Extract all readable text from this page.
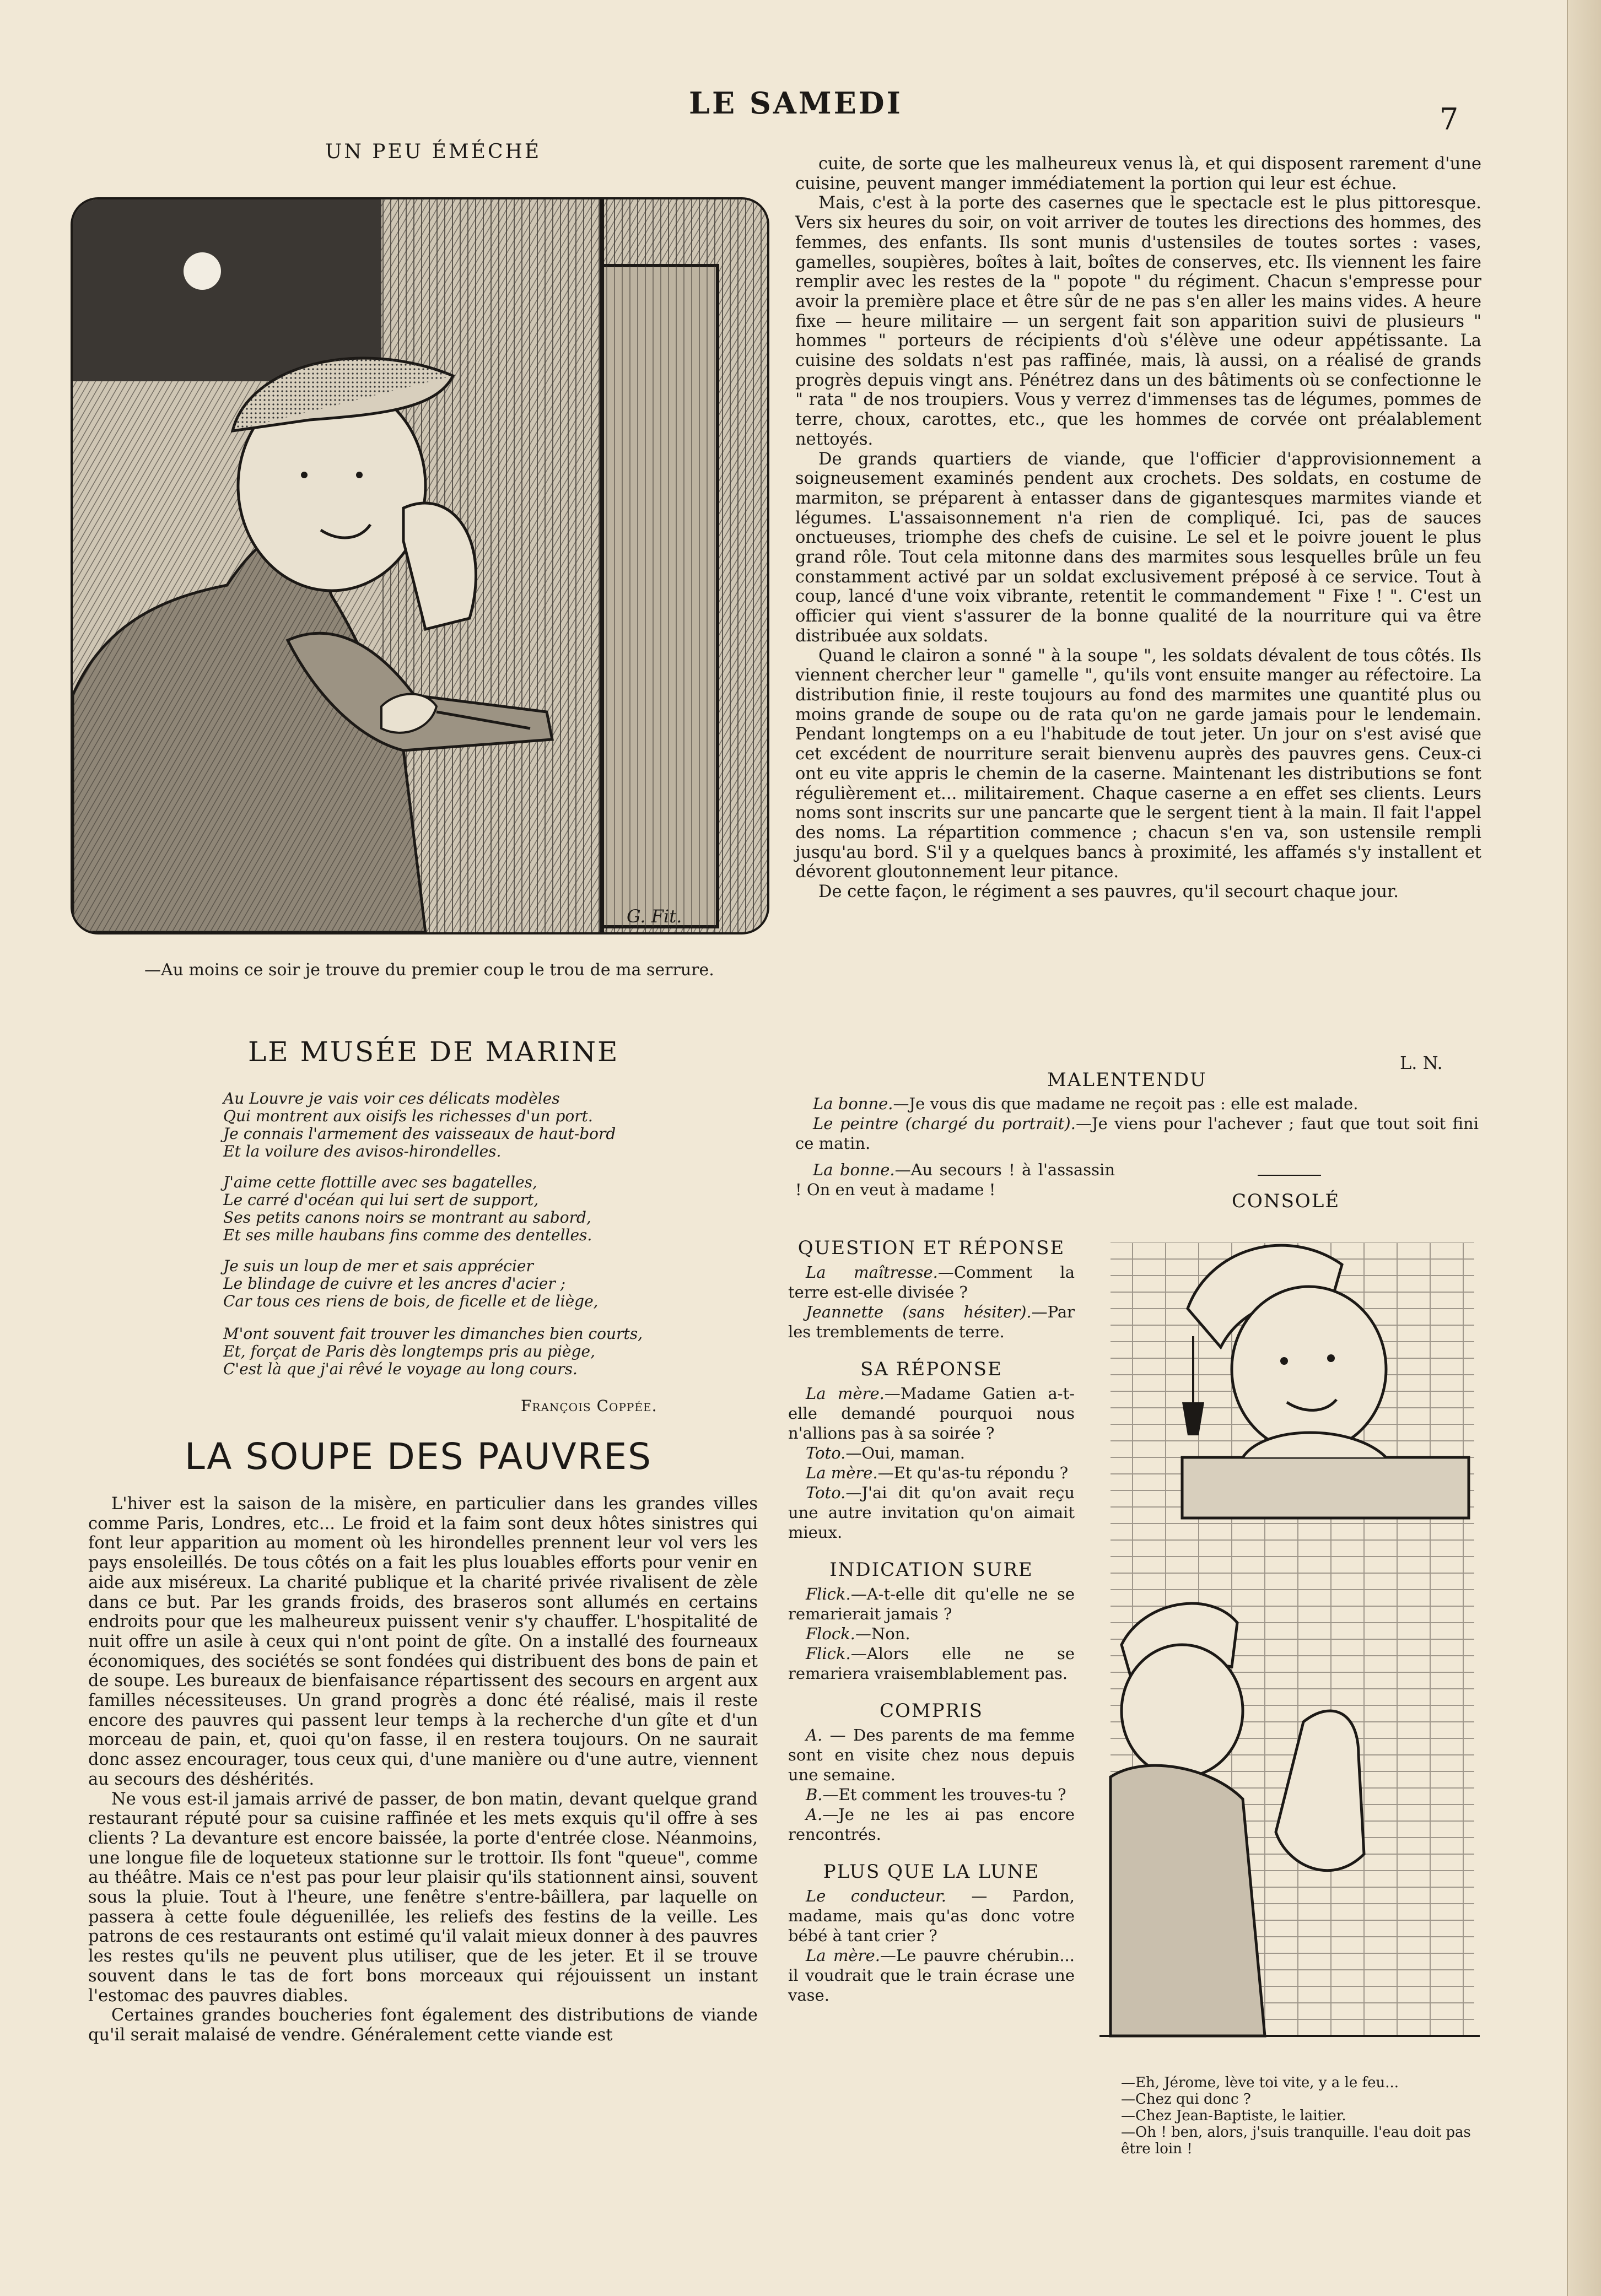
LE SAMEDI	7
UN PEU ÉMÉCHÉ
G. Fit.
—Au moins ce soir je trouve du premier coup le trou de ma serrure.
LE MUSÉE DE MARINE
Au Louvre je vais voir ces délicats modèles
Qui montrent aux oisifs les richesses d'un port.
Je connais l'armement des vaisseaux de haut-bord
Et la voilure des avisos-hirondelles.
J'aime cette flottille avec ses bagatelles,
Le carré d'océan qui lui sert de support,
Ses petits canons noirs se montrant au sabord,
Et ses mille haubans fins comme des dentelles.
Je suis un loup de mer et sais apprécier
Le blindage de cuivre et les ancres d'acier ;
Car tous ces riens de bois, de ficelle et de liège,
M'ont souvent fait trouver les dimanches bien courts,
Et, forçat de Paris dès longtemps pris au piège,
C'est là que j'ai rêvé le voyage au long cours.
François Coppée.
LA SOUPE DES PAUVRES

L'hiver est la saison de la misère, en particulier dans les grandes villes comme Paris, Londres, etc... Le froid et la faim sont deux hôtes sinistres qui font leur apparition au moment où les hirondelles prennent leur vol vers les pays ensoleillés. De tous côtés on a fait les plus louables efforts pour venir en aide aux miséreux. La charité publique et la charité privée rivalisent de zèle dans ce but. Par les grands froids, des braseros sont allumés en certains endroits pour que les malheureux puissent venir s'y chauffer. L'hospitalité de nuit offre un asile à ceux qui n'ont point de gîte. On a installé des fourneaux économiques, des sociétés se sont fondées qui distribuent des bons de pain et de soupe. Les bureaux de bienfaisance répartissent des secours en argent aux familles nécessiteuses. Un grand progrès a donc été réalisé, mais il reste encore des pauvres qui passent leur temps à la recherche d'un gîte et d'un morceau de pain, et, quoi qu'on fasse, il en restera toujours. On ne saurait donc assez encourager, tous ceux qui, d'une manière ou d'une autre, viennent au secours des déshérités.

Ne vous est-il jamais arrivé de passer, de bon matin, devant quelque grand restaurant réputé pour sa cuisine raffinée et les mets exquis qu'il offre à ses clients ? La devanture est encore baissée, la porte d'entrée close. Néanmoins, une longue file de loqueteux stationne sur le trottoir. Ils font "queue", comme au théâtre. Mais ce n'est pas pour leur plaisir qu'ils stationnent ainsi, souvent sous la pluie. Tout à l'heure, une fenêtre s'entre-bâillera, par laquelle on passera à cette foule déguenillée, les reliefs des festins de la veille. Les patrons de ces restaurants ont estimé qu'il valait mieux donner à des pauvres les restes qu'ils ne peuvent plus utiliser, que de les jeter. Et il se trouve souvent dans le tas de fort bons morceaux qui réjouissent un instant l'estomac des pauvres diables.

Certaines grandes boucheries font également des distributions de viande qu'il serait malaisé de vendre. Généralement cette viande est

cuite, de sorte que les malheureux venus là, et qui disposent rarement d'une cuisine, peuvent manger immédiatement la portion qui leur est échue.

Mais, c'est à la porte des casernes que le spectacle est le plus pittoresque. Vers six heures du soir, on voit arriver de toutes les directions des hommes, des femmes, des enfants. Ils sont munis d'ustensiles de toutes sortes : vases, gamelles, soupières, boîtes à lait, boîtes de conserves, etc. Ils viennent les faire remplir avec les restes de la " popote " du régiment. Chacun s'empresse pour avoir la première place et être sûr de ne pas s'en aller les mains vides. A heure fixe — heure militaire — un sergent fait son apparition suivi de plusieurs " hommes " porteurs de récipients d'où s'élève une odeur appétissante. La cuisine des soldats n'est pas raffinée, mais, là aussi, on a réalisé de grands progrès depuis vingt ans. Pénétrez dans un des bâtiments où se confectionne le " rata " de nos troupiers. Vous y verrez d'immenses tas de légumes, pommes de terre, choux, carottes, etc., que les hommes de corvée ont préalablement nettoyés.

De grands quartiers de viande, que l'officier d'approvisionnement a soigneusement examinés pendent aux crochets. Des soldats, en costume de marmiton, se préparent à entasser dans de gigantesques marmites viande et légumes. L'assaisonnement n'a rien de compliqué. Ici, pas de sauces onctueuses, triomphe des chefs de cuisine. Le sel et le poivre jouent le plus grand rôle. Tout cela mitonne dans des marmites sous lesquelles brûle un feu constamment activé par un soldat exclusivement préposé à ce service. Tout à coup, lancé d'une voix vibrante, retentit le commandement " Fixe ! ". C'est un officier qui vient s'assurer de la bonne qualité de la nourriture qui va être distribuée aux soldats.

Quand le clairon a sonné " à la soupe ", les soldats dévalent de tous côtés. Ils viennent chercher leur " gamelle ", qu'ils vont ensuite manger au réfectoire. La distribution finie, il reste toujours au fond des marmites une quantité plus ou moins grande de soupe ou de rata qu'on ne garde jamais pour le lendemain. Pendant longtemps on a eu l'habitude de tout jeter. Un jour on s'est avisé que cet excédent de nourriture serait bienvenu auprès des pauvres gens. Ceux-ci ont eu vite appris le chemin de la caserne. Maintenant les distributions se font régulièrement et... militairement. Chaque caserne a en effet ses clients. Leurs noms sont inscrits sur une pancarte que le sergent tient à la main. Il fait l'appel des noms. La répartition commence ; chacun s'en va, son ustensile rempli jusqu'au bord. S'il y a quelques bancs à proximité, les affamés s'y installent et dévorent gloutonnement leur pitance.

De cette façon, le régiment a ses pauvres, qu'il secourt chaque jour.

L. N.
MALENTENDU

La bonne.—Je vous dis que madame ne reçoit pas : elle est malade.

Le peintre (chargé du portrait).—Je viens pour l'achever ; faut que tout soit fini ce matin.

La bonne.—Au secours ! à l'assassin ! On en veut à madame !

QUESTION ET RÉPONSE

La maîtresse.—Comment la terre est-elle divisée ?

Jeannette (sans hésiter).—Par les tremblements de terre.

SA RÉPONSE

La mère.—Madame Gatien a-t-elle demandé pourquoi nous n'allions pas à sa soirée ?

Toto.—Oui, maman.

La mère.—Et qu'as-tu répondu ?

Toto.—J'ai dit qu'on avait reçu une autre invitation qu'on aimait mieux.

INDICATION SURE

Flick.—A-t-elle dit qu'elle ne se remarierait jamais ?

Flock.—Non.

Flick.—Alors elle ne se remariera vraisemblablement pas.

COMPRIS

A. — Des parents de ma femme sont en visite chez nous depuis une semaine.

B.—Et comment les trouves-tu ?

A.—Je ne les ai pas encore rencontrés.

PLUS QUE LA LUNE

Le conducteur. — Pardon, madame, mais qu'as donc votre bébé à tant crier ?

La mère.—Le pauvre chérubin... il voudrait que le train écrase une vase.

CONSOLÉ
—Eh, Jérome, lève toi vite, y a le feu...
—Chez qui donc ?
—Chez Jean-Baptiste, le laitier.
—Oh ! ben, alors, j'suis tranquille. l'eau doit pas être loin !
